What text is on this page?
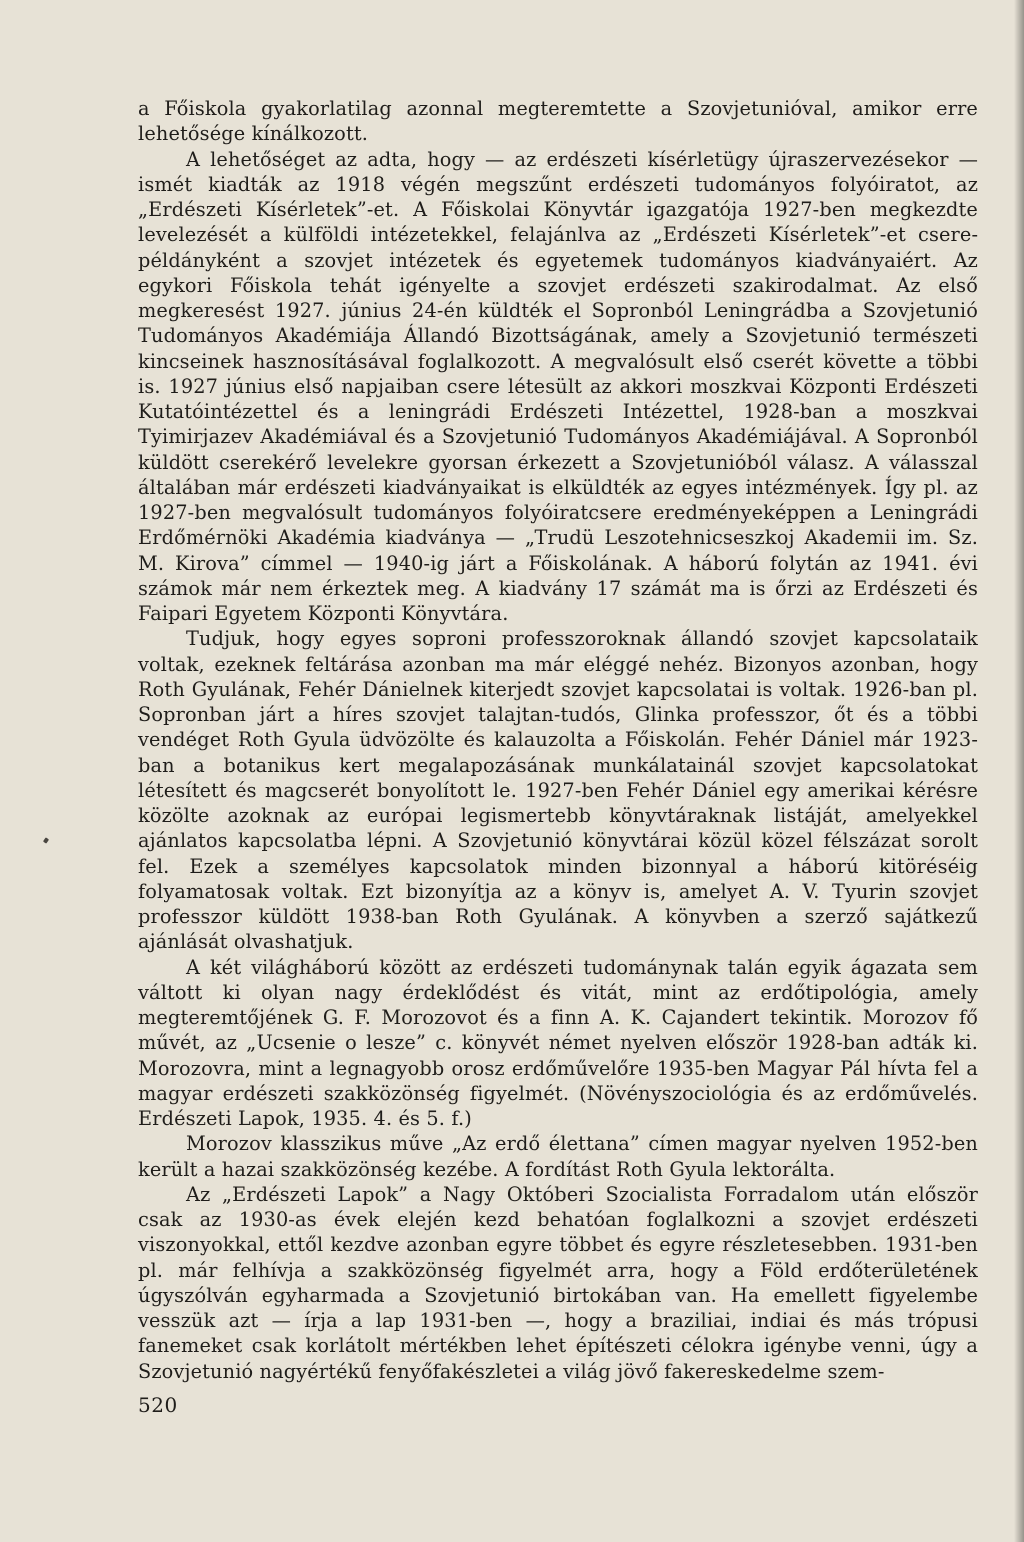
a Főiskola gyakorlatilag azonnal megteremtette a Szovjetunióval, amikor erre lehetősége kínálkozott.

A lehetőséget az adta, hogy — az erdészeti kísérletügy újraszervezésekor — ismét kiadták az 1918 végén megszűnt erdészeti tudományos folyóiratot, az „Erdészeti Kísérletek”-et. A Főiskolai Könyvtár igazgatója 1927-ben megkezdte levelezését a külföldi intézetekkel, felajánlva az „Erdészeti Kísérletek”-et cserepéldányként a szovjet intézetek és egyetemek tudományos kiadványaiért. Az egykori Főiskola tehát igényelte a szovjet erdészeti szakirodalmat. Az első megkeresést 1927. június 24-én küldték el Sopronból Leningrádba a Szovjetunió Tudományos Akadémiája Állandó Bizottságának, amely a Szovjetunió természeti kincseinek hasznosításával foglalkozott. A megvalósult első cserét követte a többi is. 1927 június első napjaiban csere létesült az akkori moszkvai Központi Erdészeti Kutatóintézettel és a leningrádi Erdészeti Intézettel, 1928-ban a moszkvai Tyimirjazev Akadémiával és a Szovjetunió Tudományos Akadémiájával. A Sopronból küldött cserekérő levelekre gyorsan érkezett a Szovjetunióból válasz. A válasszal általában már erdészeti kiadványaikat is elküldték az egyes intézmények. Így pl. az 1927-ben megvalósult tudományos folyóiratcsere eredményeképpen a Leningrádi Erdőmérnöki Akadémia kiadványa — „Trudü Leszotehnicseszkoj Akademii im. Sz. M. Kirova” címmel — 1940-ig járt a Főiskolának. A háború folytán az 1941. évi számok már nem érkeztek meg. A kiadvány 17 számát ma is őrzi az Erdészeti és Faipari Egyetem Központi Könyvtára.

Tudjuk, hogy egyes soproni professzoroknak állandó szovjet kapcsolataik voltak, ezeknek feltárása azonban ma már eléggé nehéz. Bizonyos azonban, hogy Roth Gyulának, Fehér Dánielnek kiterjedt szovjet kapcsolatai is voltak. 1926-ban pl. Sopronban járt a híres szovjet talajtan-tudós, Glinka professzor, őt és a többi vendéget Roth Gyula üdvözölte és kalauzolta a Főiskolán. Fehér Dániel már 1923-ban a botanikus kert megalapozásának munkálatainál szovjet kapcsolatokat létesített és magcserét bonyolított le. 1927-ben Fehér Dániel egy amerikai kérésre közölte azoknak az európai legismertebb könyvtáraknak listáját, amelyekkel ajánlatos kapcsolatba lépni. A Szovjetunió könyvtárai közül közel félszázat sorolt fel. Ezek a személyes kapcsolatok minden bizonnyal a háború kitöréséig folyamatosak voltak. Ezt bizonyítja az a könyv is, amelyet A. V. Tyurin szovjet professzor küldött 1938-ban Roth Gyulának. A könyvben a szerző sajátkezű ajánlását olvashatjuk.

A két világháború között az erdészeti tudománynak talán egyik ágazata sem váltott ki olyan nagy érdeklődést és vitát, mint az erdőtipológia, amely megteremtőjének G. F. Morozovot és a finn A. K. Cajandert tekintik. Morozov fő művét, az „Ucsenie o lesze” c. könyvét német nyelven először 1928-ban adták ki. Morozovra, mint a legnagyobb orosz erdőművelőre 1935-ben Magyar Pál hívta fel a magyar erdészeti szakközönség figyelmét. (Növényszociológia és az erdőművelés. Erdészeti Lapok, 1935. 4. és 5. f.)

Morozov klasszikus műve „Az erdő élettana” címen magyar nyelven 1952-ben került a hazai szakközönség kezébe. A fordítást Roth Gyula lektorálta.

Az „Erdészeti Lapok” a Nagy Októberi Szocialista Forradalom után először csak az 1930-as évek elején kezd behatóan foglalkozni a szovjet erdészeti viszonyokkal, ettől kezdve azonban egyre többet és egyre részletesebben. 1931-ben pl. már felhívja a szakközönség figyelmét arra, hogy a Föld erdőterületének úgyszólván egyharmada a Szovjetunió birtokában van. Ha emellett figyelembe vesszük azt — írja a lap 1931-ben —, hogy a braziliai, indiai és más trópusi fanemeket csak korlátolt mértékben lehet építészeti célokra igénybe venni, úgy a Szovjetunió nagyértékű fenyőfakészletei a világ jövő fakereskedelme szem-

520
